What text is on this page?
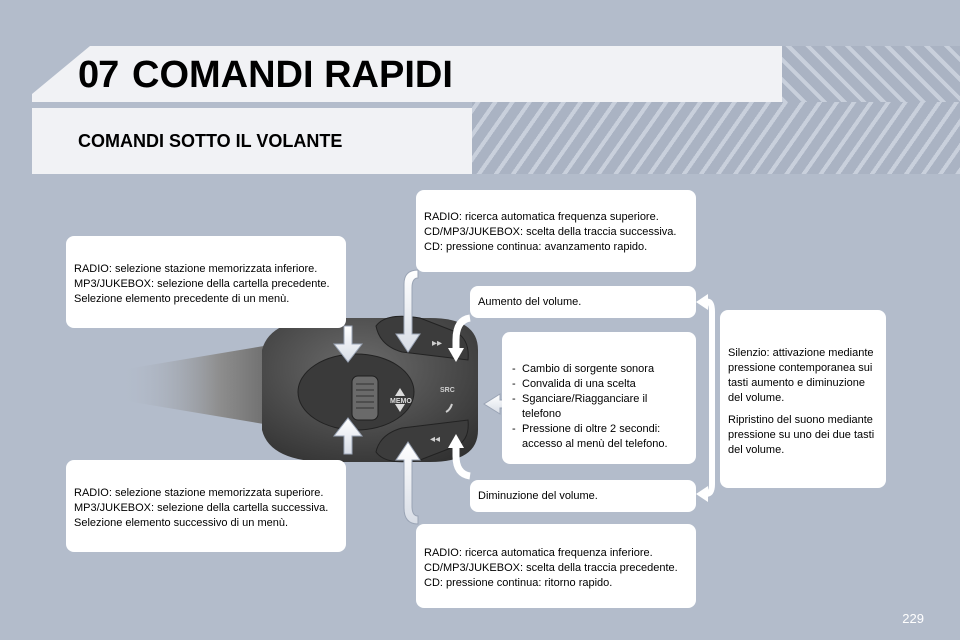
07 COMANDI RAPIDI
COMANDI SOTTO IL VOLANTE
MEMO
▸▸
◂◂
SRC

RADIO: ricerca automatica frequenza superiore.

CD/MP3/JUKEBOX: scelta della traccia successiva.

CD: pressione continua: avanzamento rapido.

RADIO: selezione stazione memorizzata inferiore.

MP3/JUKEBOX: selezione della cartella precedente.

Selezione elemento precedente di un menù.	Aumento del volume.

- Cambio di sorgente sonora
- Convalida di una scelta
- Sganciare/Riagganciare il telefono
- Pressione di oltre 2 secondi: accesso al menù del telefono.

Silenzio: attivazione mediante pressione contemporanea sui tasti aumento e diminuzione del volume.

Ripristino del suono mediante pressione su uno dei due tasti del volume.

Diminuzione del volume.

RADIO: selezione stazione memorizzata superiore.

MP3/JUKEBOX: selezione della cartella successiva.

Selezione elemento successivo di un menù.

RADIO: ricerca automatica frequenza inferiore.

CD/MP3/JUKEBOX: scelta della traccia precedente.

CD: pressione continua: ritorno rapido.

229
